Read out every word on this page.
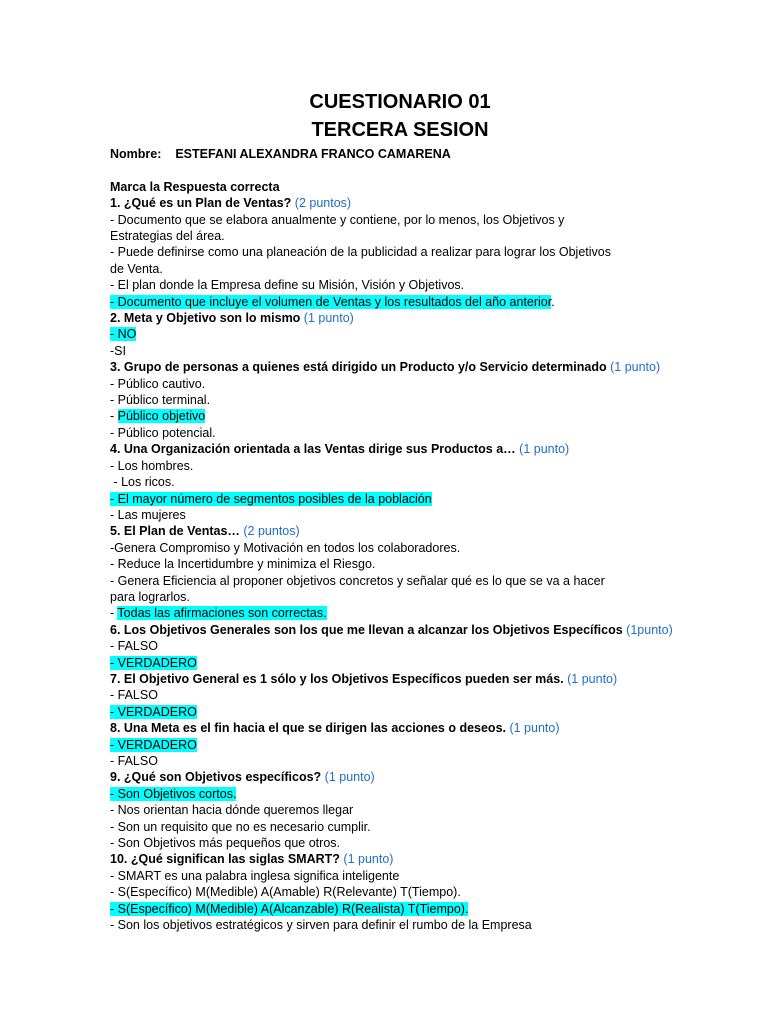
CUESTIONARIO 01
TERCERA SESION
Nombre: ESTEFANI ALEXANDRA FRANCO CAMARENA
Marca la Respuesta correcta
1. ¿Qué es un Plan de Ventas? (2 puntos)
- Documento que se elabora anualmente y contiene, por lo menos, los Objetivos y
Estrategias del área.
- Puede definirse como una planeación de la publicidad a realizar para lograr los Objetivos
de Venta.
- El plan donde la Empresa define su Misión, Visión y Objetivos.
- Documento que incluye el volumen de Ventas y los resultados del año anterior.
2. Meta y Objetivo son lo mismo (1 punto)
- NO
-SI
3. Grupo de personas a quienes está dirigido un Producto y/o Servicio determinado (1 punto)
- Público cautivo.
- Público terminal.
- Público objetivo
- Público potencial.
4. Una Organización orientada a las Ventas dirige sus Productos a… (1 punto)
- Los hombres.
- Los ricos.
- El mayor número de segmentos posibles de la población
- Las mujeres
5. El Plan de Ventas… (2 puntos)
-Genera Compromiso y Motivación en todos los colaboradores.
- Reduce la Incertidumbre y minimiza el Riesgo.
- Genera Eficiencia al proponer objetivos concretos y señalar qué es lo que se va a hacer
para lograrlos.
- Todas las afirmaciones son correctas.
6. Los Objetivos Generales son los que me llevan a alcanzar los Objetivos Específicos (1punto)
- FALSO
- VERDADERO
7. El Objetivo General es 1 sólo y los Objetivos Específicos pueden ser más. (1 punto)
- FALSO
- VERDADERO
8. Una Meta es el fin hacia el que se dirigen las acciones o deseos. (1 punto)
- VERDADERO
- FALSO
9. ¿Qué son Objetivos específicos? (1 punto)
- Son Objetivos cortos.
- Nos orientan hacia dónde queremos llegar
- Son un requisito que no es necesario cumplir.
- Son Objetivos más pequeños que otros.
10. ¿Qué significan las siglas SMART? (1 punto)
- SMART es una palabra inglesa significa inteligente
- S(Específico) M(Medible) A(Amable) R(Relevante) T(Tiempo).
- S(Específico) M(Medible) A(Alcanzable) R(Realista) T(Tiempo).
- Son los objetivos estratégicos y sirven para definir el rumbo de la Empresa
